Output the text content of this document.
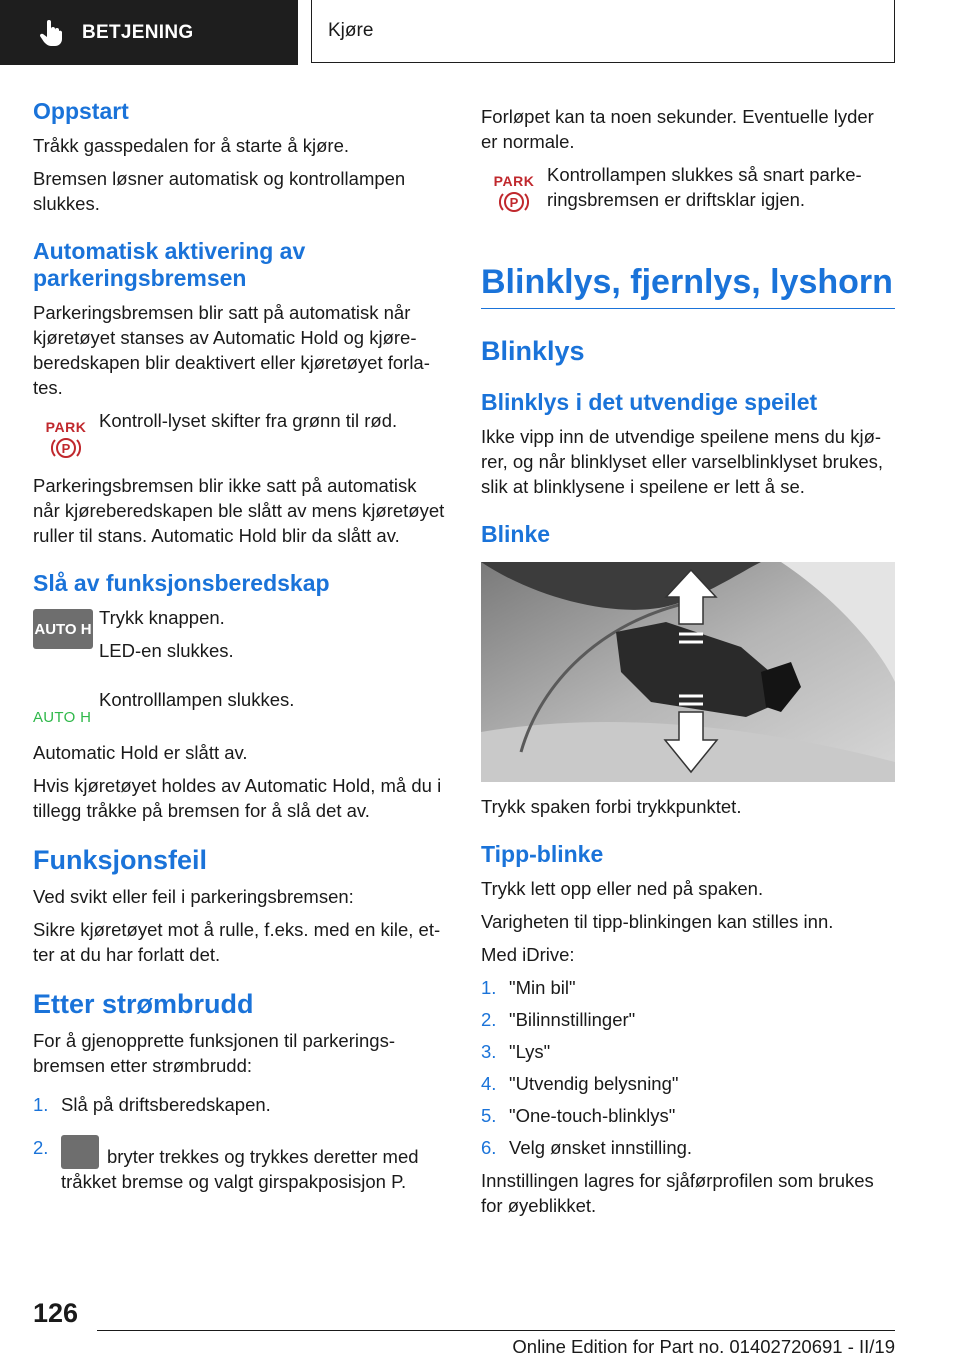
BETJENING	Kjøre
Oppstart

Tråkk gasspedalen for å starte å kjøre.

Bremsen løsner automatisk og kontrollampen slukkes.

Automatisk aktivering av parkeringsbremsen

Parkeringsbremsen blir satt på automatisk når kjøretøyet stanses av Automatic Hold og kjøreberedskapen blir deaktivert eller kjøretøyet forlates.

PARK
P

Kontroll-lyset skifter fra grønn til rød.

Parkeringsbremsen blir ikke satt på automatisk når kjøreberedskapen ble slått av mens kjøretøyet ruller til stans. Automatic Hold blir da slått av.

Slå av funksjonsberedskap
AUTO H

Trykk knappen.

LED-en slukkes.

AUTO H

Kontrolllampen slukkes.

Automatic Hold er slått av.

Hvis kjøretøyet holdes av Automatic Hold, må du i tillegg tråkke på bremsen for å slå det av.

Funksjonsfeil

Ved svikt eller feil i parkeringsbremsen:

Sikre kjøretøyet mot å rulle, f.eks. med en kile, etter at du har forlatt det.

Etter strømbrudd

For å gjenopprette funksjonen til parkeringsbremsen etter strømbrudd:

1. Slå på driftsberedskapen.
2.	bryter trekkes og trykkes deretter med tråkket bremse og valgt girspakposisjon P.

Forløpet kan ta noen sekunder. Eventuelle lyder er normale.

PARK
P

Kontrollampen slukkes så snart parkeringsbremsen er driftsklar igjen.

Blinklys, fjernlys, lyshorn
Blinklys
Blinklys i det utvendige speilet

Ikke vipp inn de utvendige speilene mens du kjører, og når blinklyset eller varselblinklyset brukes, slik at blinklysene i speilene er lett å se.

Blinke

Trykk spaken forbi trykkpunktet.

Tipp-blinke

Trykk lett opp eller ned på spaken.

Varigheten til tipp-blinkingen kan stilles inn.

Med iDrive:

1. "Min bil"
2. "Bilinnstillinger"
3. "Lys"
4. "Utvendig belysning"
5. "One-touch-blinklys"
6. Velg ønsket innstilling.

Innstillingen lagres for sjåførprofilen som brukes for øyeblikket.

126
Online Edition for Part no. 01402720691 - II/19
